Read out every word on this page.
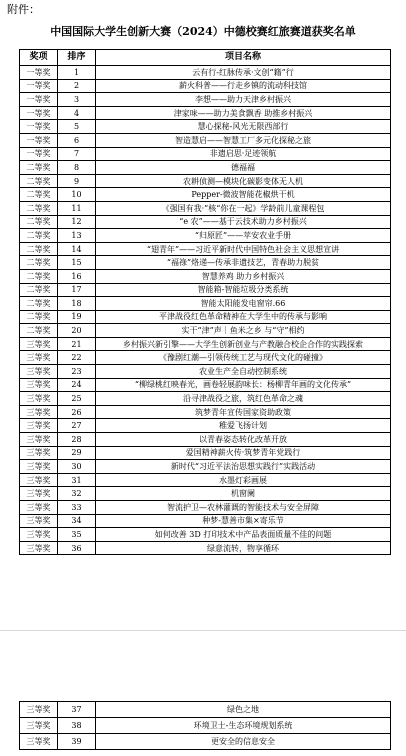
附件：
中国国际大学生创新大赛（2024）中德校赛红旅赛道获奖名单
奖项	排序	项目名称
一等奖	1	云有行-红脉传承·文创“籍”行
一等奖	2	薪火科普——行走乡镇的流动科技馆
一等奖	3	李想——助力天津乡村振兴
一等奖	4	津家味——助力美食飘香 助推乡村振兴
一等奖	5	慧心探秘-风光无限西部行
一等奖	6	智造慧启——智慧工厂多元化探秘之旅
一等奖	7	非遗启思·足迹领航
二等奖	8	德福福
二等奖	9	农耕侦测—模块化碳影变体无人机
二等奖	10	Pepper-微波智能花椒烘干机
二等奖	11	《强国有我·”核“你在一起》学龄前儿童课程包
二等奖	12	“e 农”——基于云技术助力乡村振兴
二等奖	13	“归原匠”——苹安农业手册
二等奖	14	“翅青年”——习近平新时代中国特色社会主义思想宣讲
二等奖	15	“福祿”烙递—传承非遗技艺，青春助力脱贫
二等奖	16	智慧养鸡 助力乡村振兴
二等奖	17	智能箱-智能垃圾分类系统
二等奖	18	智能太阳能发电窗帘.66
二等奖	19	平津战役红色革命精神在大学生中的传承与影响
二等奖	20	实干“津”声｜鱼米之乡 与“守”相约
三等奖	21	乡村振兴新引擎——大学生创新创业与产教融合校企合作的实践探索
三等奖	22	《豫剧红潮—引领传统工艺与现代文化的碰撞》
三等奖	23	农业生产全自动控制系统
三等奖	24	“柳绿桃红映春光，画卷轻展韵味长：杨柳青年画的文化传承”
三等奖	25	沿寻津战役之旅，筑红色革命之魂
三等奖	26	筑梦青年宣传国家资助政策
三等奖	27	稚爱飞扬计划
三等奖	28	以青春姿态转化改革开放
三等奖	29	爱国精神薪火传·筑梦青年党践行
三等奖	30	新时代“习近平法治思想实践行”实践活动
三等奖	31	水墨灯彩画展
三等奖	32	机窗阑
三等奖	33	智流护卫—农林灌溉的智能技术与安全屏障
三等奖	34	种梦-慧善市集×寄乐节
三等奖	35	如何改善 3D 打印技术中产品表面质量不佳的问题
三等奖	36	绿意流转，物享循环
三等奖	37	绿色之地
三等奖	38	环境卫士-生态环境规划系统
三等奖	39	更安全的信息安全
